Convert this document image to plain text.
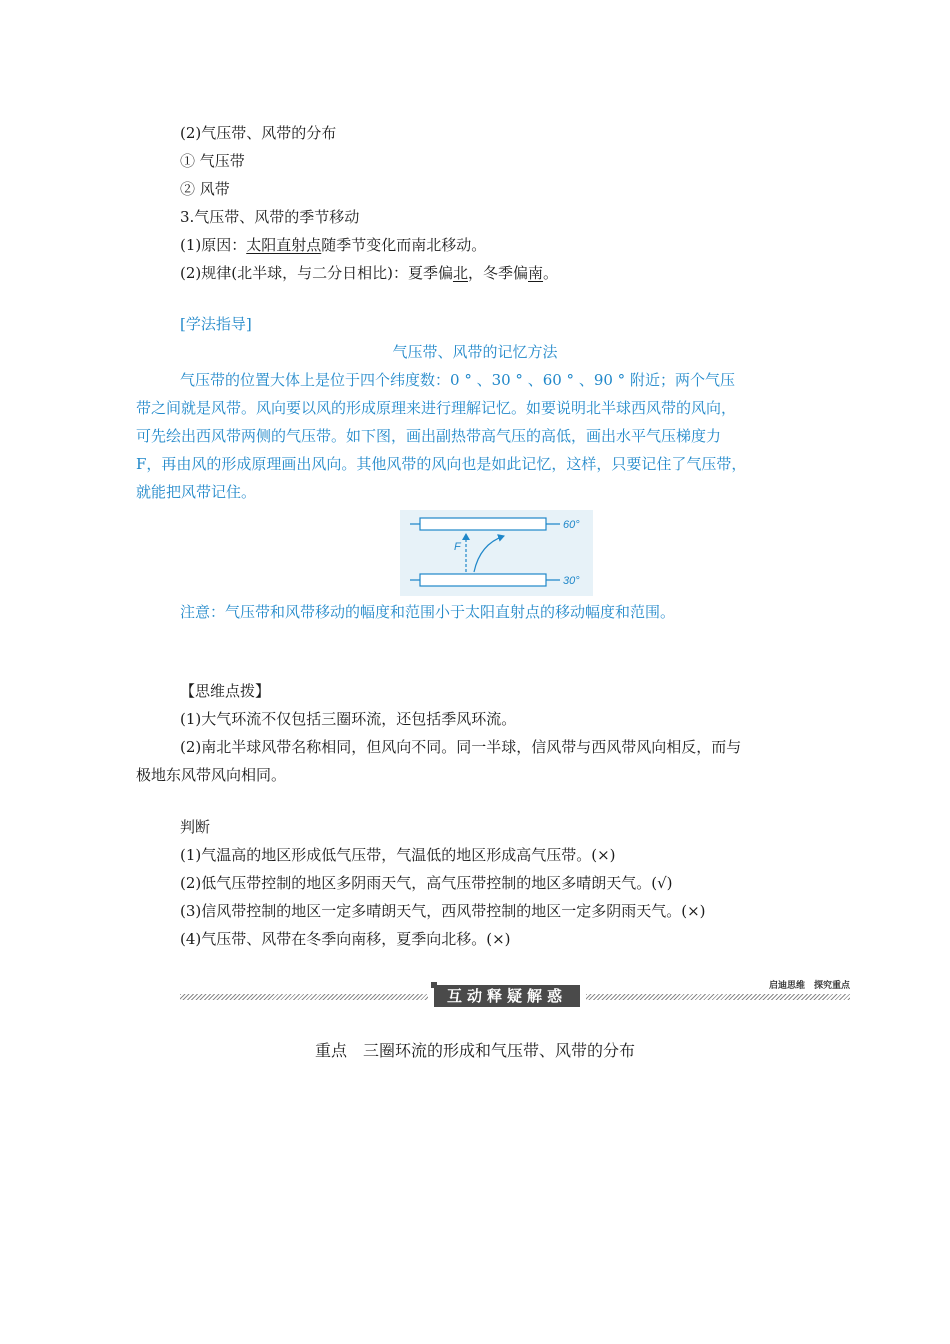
(2)气压带、风带的分布
① 气压带
② 风带
3.气压带、风带的季节移动
(1)原因：太阳直射点随季节变化而南北移动。
(2)规律(北半球，与二分日相比)：夏季偏北，冬季偏南。
[学法指导]
气压带、风带的记忆方法
气压带的位置大体上是位于四个纬度数：0 ° 、30 ° 、60 ° 、90 ° 附近；两个气压
带之间就是风带。风向要以风的形成原理来进行理解记忆。如要说明北半球西风带的风向，
可先绘出西风带两侧的气压带。如下图，画出副热带高气压的高低，画出水平气压梯度力
F，再由风的形成原理画出风向。其他风带的风向也是如此记忆，这样，只要记住了气压带，
就能把风带记住。
F
60°
30°
注意：气压带和风带移动的幅度和范围小于太阳直射点的移动幅度和范围。
【思维点拨】
(1)大气环流不仅包括三圈环流，还包括季风环流。
(2)南北半球风带名称相同，但风向不同。同一半球，信风带与西风带风向相反，而与
极地东风带风向相同。
判断
(1)气温高的地区形成低气压带，气温低的地区形成高气压带。(×)
(2)低气压带控制的地区多阴雨天气，高气压带控制的地区多晴朗天气。(√)
(3)信风带控制的地区一定多晴朗天气，西风带控制的地区一定多阴雨天气。(×)
(4)气压带、风带在冬季向南移，夏季向北移。(×)
互动释疑解惑
启迪思维　探究重点
重点　三圈环流的形成和气压带、风带的分布
